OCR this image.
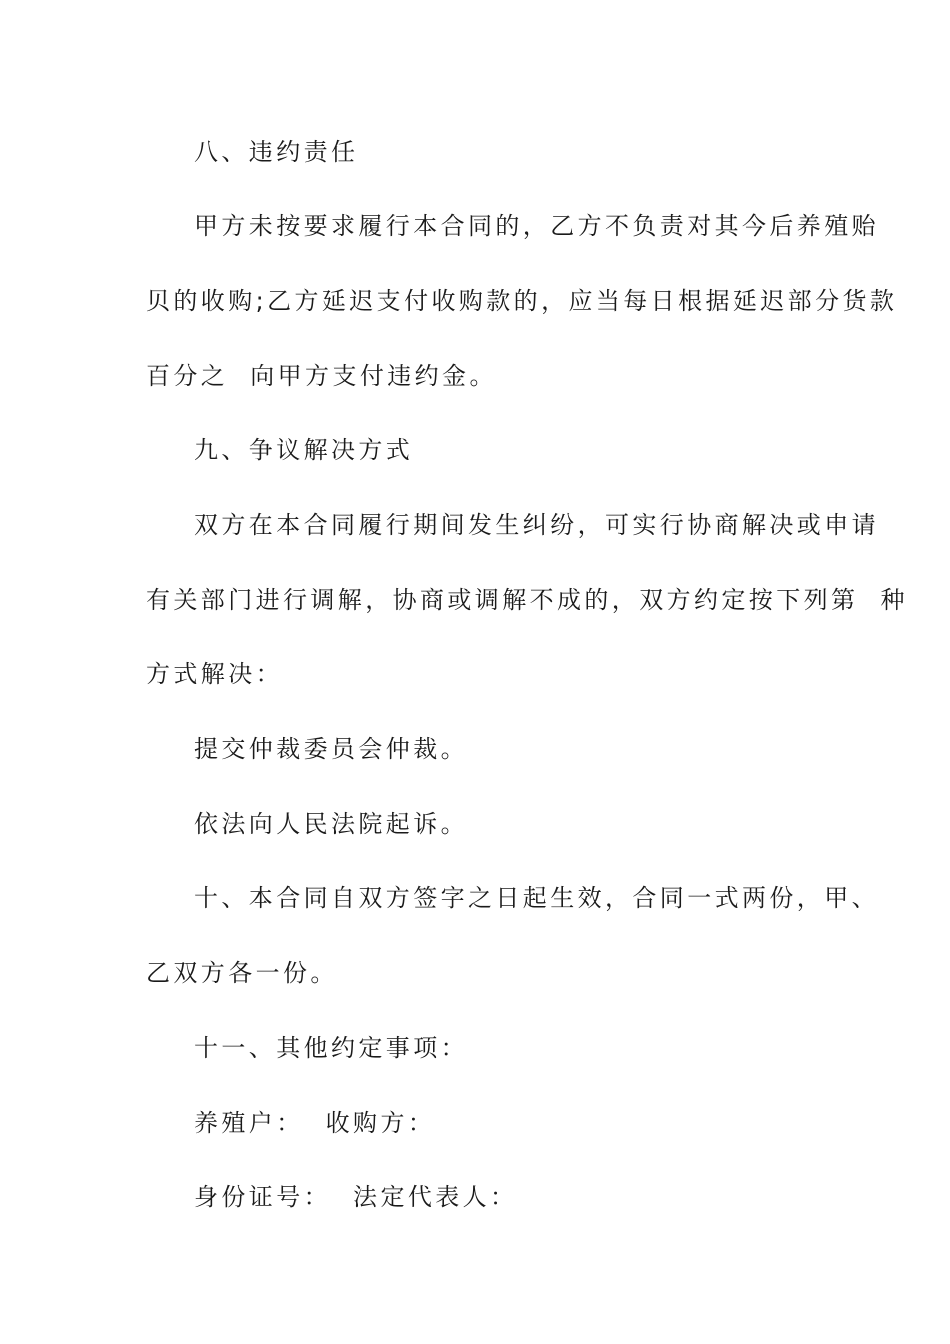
八、违约责任

甲方未按要求履行本合同的，乙方不负责对其今后养殖贻

贝的收购;乙方延迟支付收购款的，应当每日根据延迟部分货款

百分之  向甲方支付违约金。

九、争议解决方式

双方在本合同履行期间发生纠纷，可实行协商解决或申请

有关部门进行调解，协商或调解不成的，双方约定按下列第  种

方式解决：

提交仲裁委员会仲裁。

依法向人民法院起诉。

十、本合同自双方签字之日起生效，合同一式两份，甲、

乙双方各一份。

十一、其他约定事项：

养殖户：  收购方：

身份证号：  法定代表人：
